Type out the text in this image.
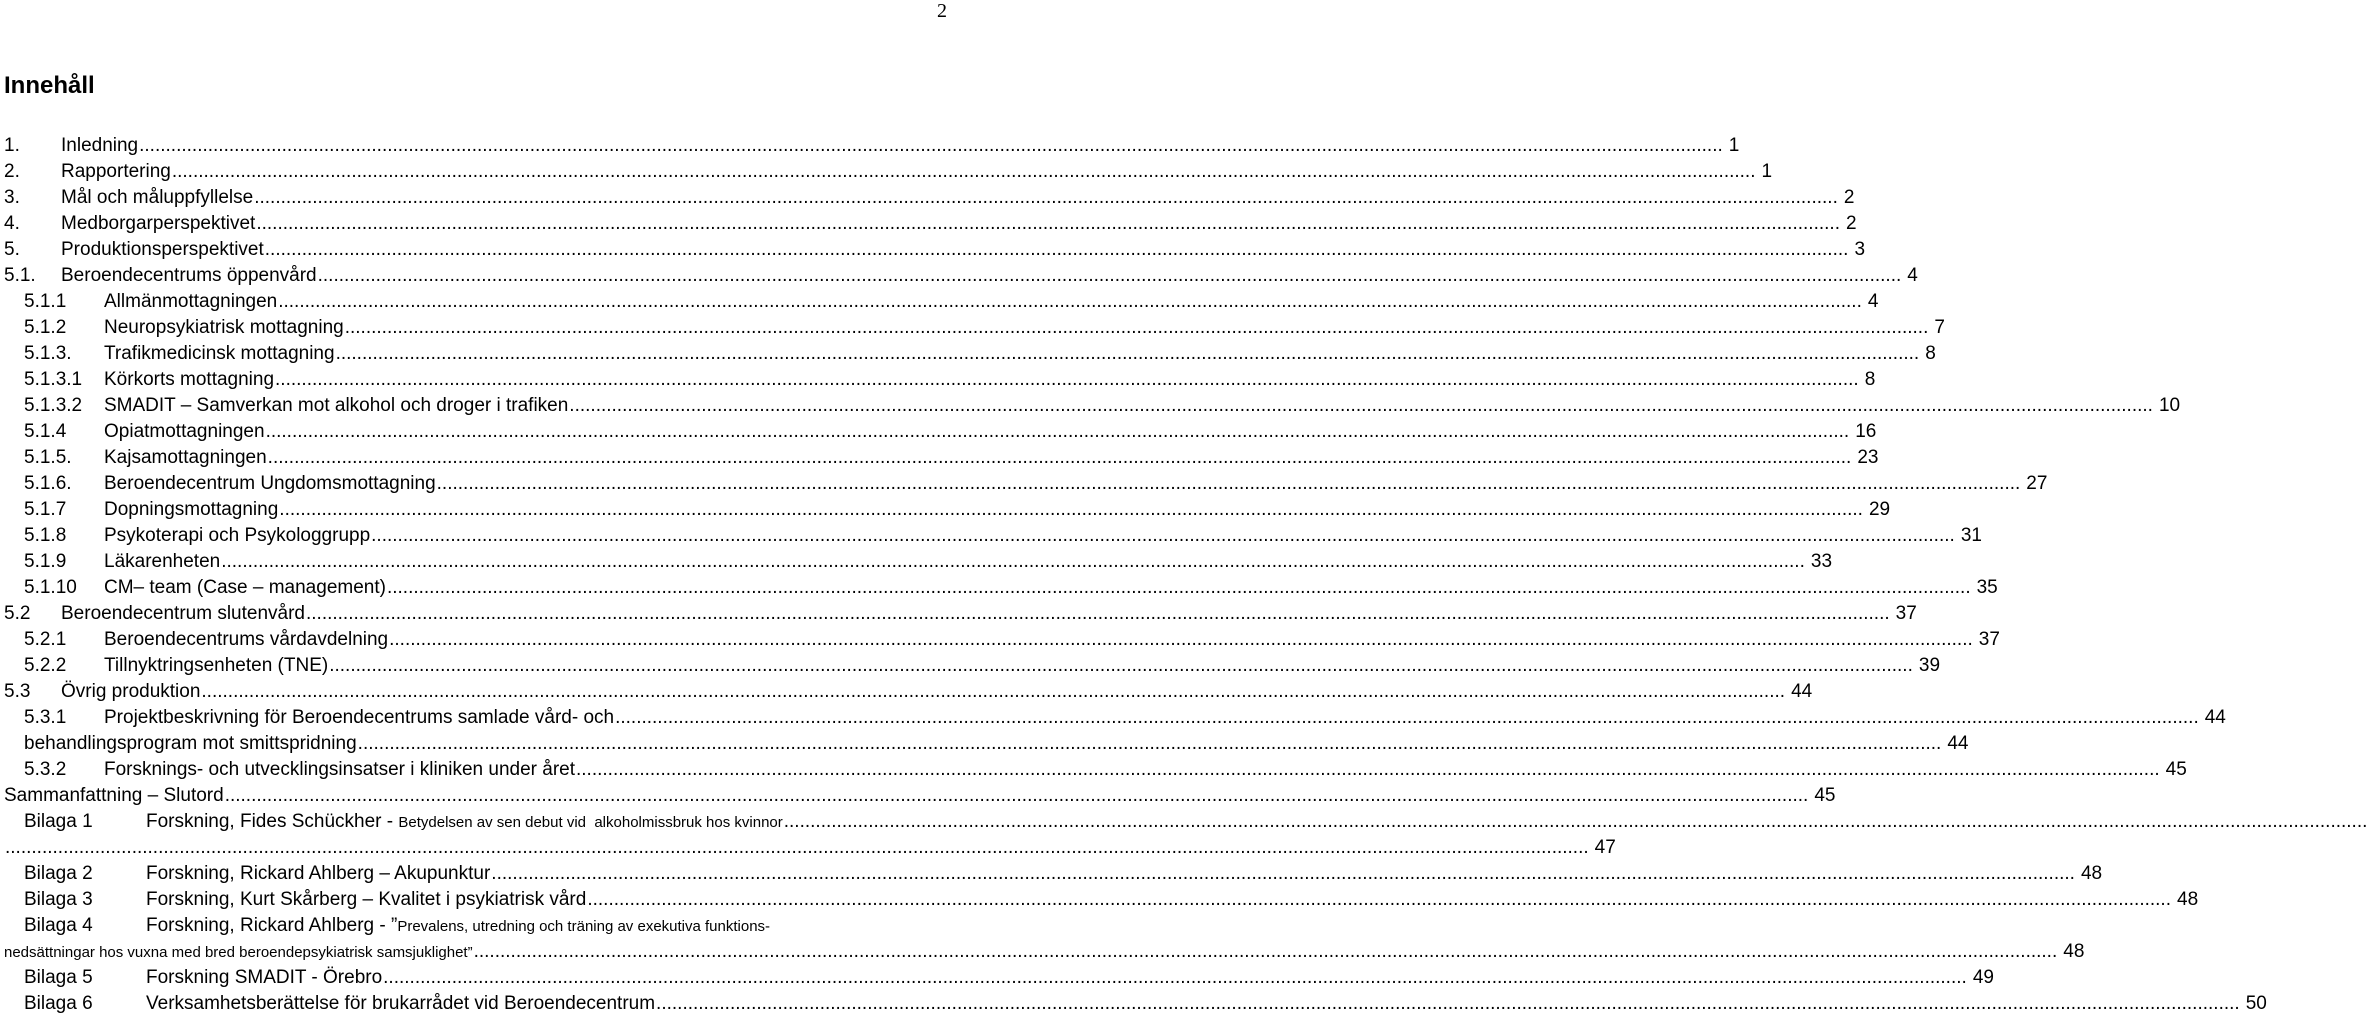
2
Innehåll
1. Inledning ............................................................................................................................................................................................................................................................................................................ 1
2. Rapportering ............................................................................................................................................................................................................................................................................................................ 1
3. Mål och måluppfyllelse ............................................................................................................................................................................................................................................................................................................ 2
4. Medborgarperspektivet ............................................................................................................................................................................................................................................................................................................ 2
5. Produktionsperspektivet ............................................................................................................................................................................................................................................................................................................ 3
5.1. Beroendecentrums öppenvård ............................................................................................................................................................................................................................................................................................................ 4
5.1.1 Allmänmottagningen ............................................................................................................................................................................................................................................................................................................ 4
5.1.2 Neuropsykiatrisk mottagning ............................................................................................................................................................................................................................................................................................................ 7
5.1.3. Trafikmedicinsk mottagning ............................................................................................................................................................................................................................................................................................................ 8
5.1.3.1 Körkorts mottagning ............................................................................................................................................................................................................................................................................................................ 8
5.1.3.2 SMADIT – Samverkan mot alkohol och droger i trafiken ............................................................................................................................................................................................................................................................................................................ 10
5.1.4 Opiatmottagningen ............................................................................................................................................................................................................................................................................................................ 16
5.1.5. Kajsamottagningen ............................................................................................................................................................................................................................................................................................................ 23
5.1.6. Beroendecentrum Ungdomsmottagning ............................................................................................................................................................................................................................................................................................................ 27
5.1.7 Dopningsmottagning ............................................................................................................................................................................................................................................................................................................ 29
5.1.8 Psykoterapi och Psykologgrupp ............................................................................................................................................................................................................................................................................................................ 31
5.1.9 Läkarenheten ............................................................................................................................................................................................................................................................................................................ 33
5.1.10 CM– team (Case – management) ............................................................................................................................................................................................................................................................................................................ 35
5.2 Beroendecentrum slutenvård ............................................................................................................................................................................................................................................................................................................ 37
5.2.1 Beroendecentrums vårdavdelning ............................................................................................................................................................................................................................................................................................................ 37
5.2.2 Tillnyktringsenheten (TNE) ............................................................................................................................................................................................................................................................................................................ 39
5.3 Övrig produktion ............................................................................................................................................................................................................................................................................................................ 44
5.3.1 Projektbeskrivning för Beroendecentrums samlade vård- och ............................................................................................................................................................................................................................................................................................................ 44
behandlingsprogram mot smittspridning ............................................................................................................................................................................................................................................................................................................ 44
5.3.2 Forsknings- och utvecklingsinsatser i kliniken under året ............................................................................................................................................................................................................................................................................................................ 45
Sammanfattning – Slutord ............................................................................................................................................................................................................................................................................................................ 45
Bilaga 1	Forskning, Fides Schückher - Betydelsen av sen debut vid  alkoholmissbruk hos kvinnor ............................................................................................................................................................................................................................................................................................................
............................................................................................................................................................................................................................................................................................................ 47
Bilaga 2	Forskning, Rickard Ahlberg – Akupunktur ............................................................................................................................................................................................................................................................................................................ 48
Bilaga 3	Forskning, Kurt Skårberg – Kvalitet i psykiatrisk vård ............................................................................................................................................................................................................................................................................................................ 48
Bilaga 4	Forskning, Rickard Ahlberg - ” Prevalens, utredning och träning av exekutiva funktions-
nedsättningar hos vuxna med bred beroendepsykiatrisk samsjuklighet” ............................................................................................................................................................................................................................................................................................................ 48
Bilaga 5	Forskning SMADIT - Örebro ............................................................................................................................................................................................................................................................................................................ 49
Bilaga 6	Verksamhetsberättelse för brukarrådet vid Beroendecentrum ............................................................................................................................................................................................................................................................................................................ 50
